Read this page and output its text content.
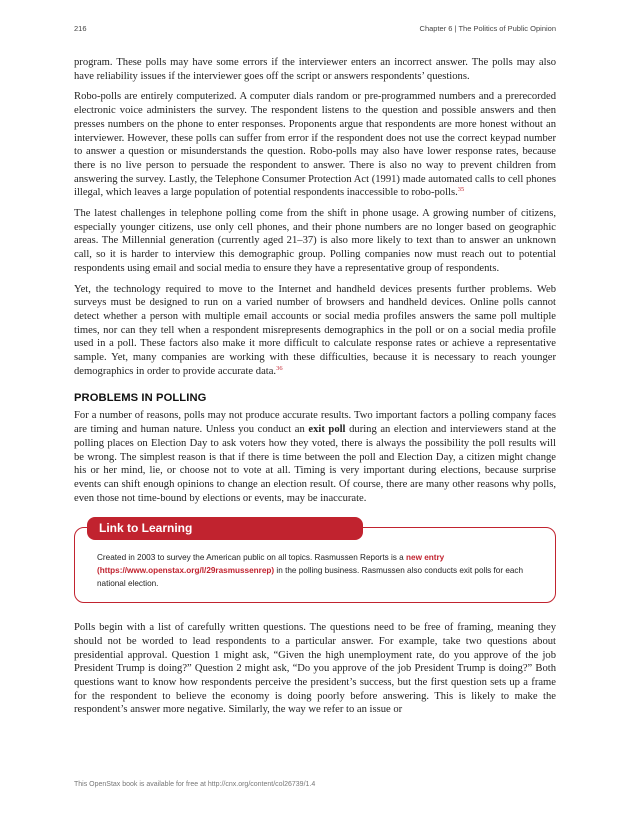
216	Chapter 6 | The Politics of Public Opinion

program. These polls may have some errors if the interviewer enters an incorrect answer. The polls may also have reliability issues if the interviewer goes off the script or answers respondents’ questions.

Robo-polls are entirely computerized. A computer dials random or pre-programmed numbers and a prerecorded electronic voice administers the survey. The respondent listens to the question and possible answers and then presses numbers on the phone to enter responses. Proponents argue that respondents are more honest without an interviewer. However, these polls can suffer from error if the respondent does not use the correct keypad number to answer a question or misunderstands the question. Robo-polls may also have lower response rates, because there is no live person to persuade the respondent to answer. There is also no way to prevent children from answering the survey. Lastly, the Telephone Consumer Protection Act (1991) made automated calls to cell phones illegal, which leaves a large population of potential respondents inaccessible to robo-polls.$^{35}$

The latest challenges in telephone polling come from the shift in phone usage. A growing number of citizens, especially younger citizens, use only cell phones, and their phone numbers are no longer based on geographic areas. The Millennial generation (currently aged 21–37) is also more likely to text than to answer an unknown call, so it is harder to interview this demographic group. Polling companies now must reach out to potential respondents using email and social media to ensure they have a representative group of respondents.

Yet, the technology required to move to the Internet and handheld devices presents further problems. Web surveys must be designed to run on a varied number of browsers and handheld devices. Online polls cannot detect whether a person with multiple email accounts or social media profiles answers the same poll multiple times, nor can they tell when a respondent misrepresents demographics in the poll or on a social media profile used in a poll. These factors also make it more difficult to calculate response rates or achieve a representative sample. Yet, many companies are working with these difficulties, because it is necessary to reach younger demographics in order to provide accurate data.$^{36}$

PROBLEMS IN POLLING

For a number of reasons, polls may not produce accurate results. Two important factors a polling company faces are timing and human nature. Unless you conduct an exit poll during an election and interviewers stand at the polling places on Election Day to ask voters how they voted, there is always the possibility the poll results will be wrong. The simplest reason is that if there is time between the poll and Election Day, a citizen might change his or her mind, lie, or choose not to vote at all. Timing is very important during elections, because surprise events can shift enough opinions to change an election result. Of course, there are many other reasons why polls, even those not time-bound by elections or events, may be inaccurate.

Link to Learning

Created in 2003 to survey the American public on all topics. Rasmussen Reports is a new entry (https://www.openstax.org/l/29rasmussenrep) in the polling business. Rasmussen also conducts exit polls for each national election.

Polls begin with a list of carefully written questions. The questions need to be free of framing, meaning they should not be worded to lead respondents to a particular answer. For example, take two questions about presidential approval. Question 1 might ask, “Given the high unemployment rate, do you approve of the job President Trump is doing?” Question 2 might ask, “Do you approve of the job President Trump is doing?” Both questions want to know how respondents perceive the president’s success, but the first question sets up a frame for the respondent to believe the economy is doing poorly before answering. This is likely to make the respondent’s answer more negative. Similarly, the way we refer to an issue or

This OpenStax book is available for free at http://cnx.org/content/col26739/1.4
